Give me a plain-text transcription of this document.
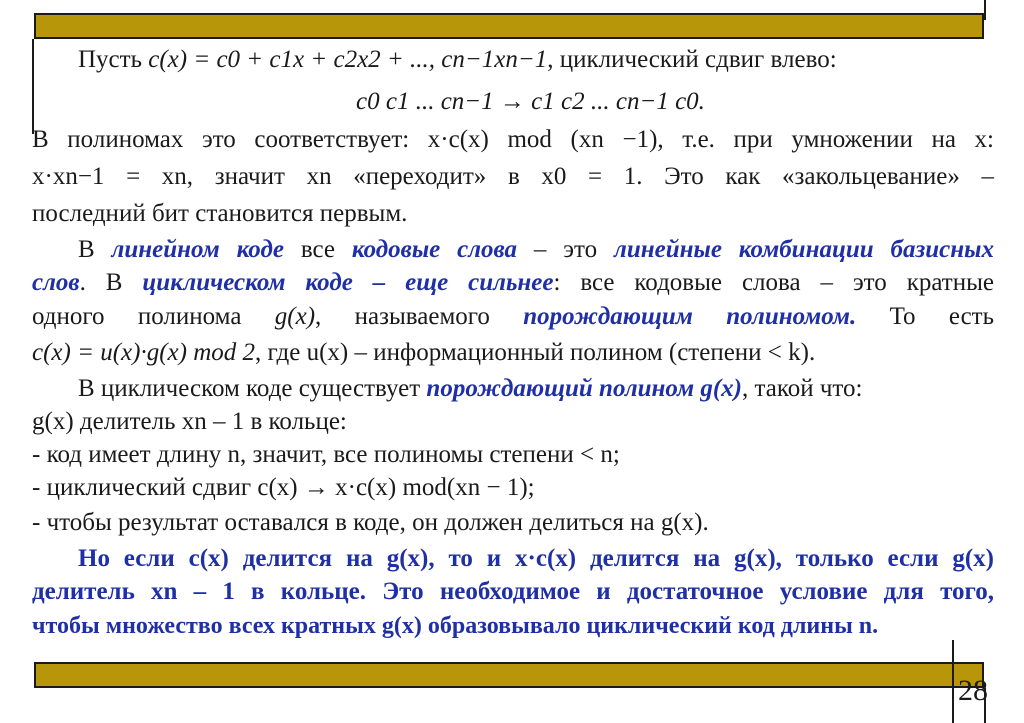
Пусть c(x) = c0 + c1x + c2x2 + ..., cn−1xn−1, циклический сдвиг влево:
c0 c1 ... cn−1 → c1 c2 ... cn−1 c0.
В полиномах это соответствует: x·c(x) mod (xn −1), т.е. при умножении на x:
x·xn−1 = xn, значит xn «переходит» в x0 = 1. Это как «закольцевание» –
последний бит становится первым.
В линейном коде все кодовые слова – это линейные комбинации базисных
слов. В циклическом коде – еще сильнее: все кодовые слова – это кратные
одного полинома g(x), называемого порождающим полиномом. То есть
c(x) = u(x)·g(x) mod 2, где u(x) – информационный полином (степени < k).
В циклическом коде существует порождающий полином g(x), такой что:
g(x) делитель xn – 1 в кольце:
- код имеет длину n, значит, все полиномы степени < n;
- циклический сдвиг c(x) → x·c(x) mod(xn − 1);
- чтобы результат оставался в коде, он должен делиться на g(x).
Но если c(x) делится на g(x), то и x·c(x) делится на g(x), только если g(x)
делитель xn – 1 в кольце. Это необходимое и достаточное условие для того,
чтобы множество всех кратных g(x) образовывало циклический код длины n.
28
